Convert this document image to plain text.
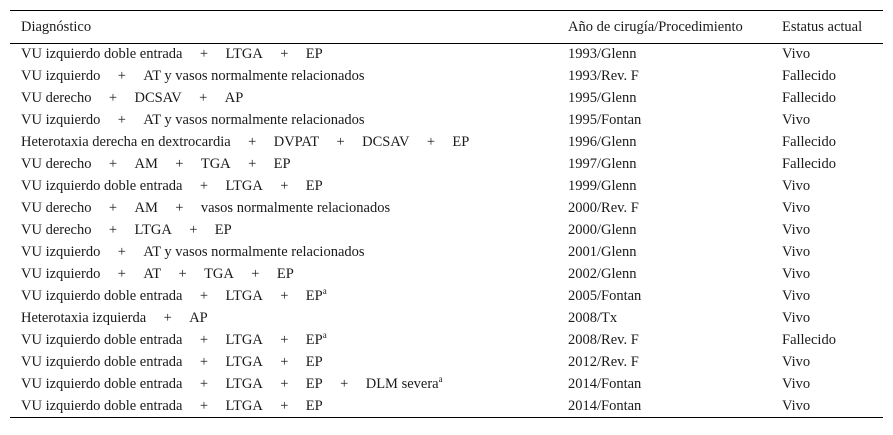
Diagnóstico	Año de cirugía/Procedimiento	Estatus actual
VU izquierdo doble entrada + LTGA + EP	1993/Glenn	Vivo
VU izquierdo + AT y vasos normalmente relacionados	1993/Rev. F	Fallecido
VU derecho + DCSAV + AP	1995/Glenn	Fallecido
VU izquierdo + AT y vasos normalmente relacionados	1995/Fontan	Vivo
Heterotaxia derecha en dextrocardia + DVPAT + DCSAV + EP	1996/Glenn	Fallecido
VU derecho + AM + TGA + EP	1997/Glenn	Fallecido
VU izquierdo doble entrada + LTGA + EP	1999/Glenn	Vivo
VU derecho + AM + vasos normalmente relacionados	2000/Rev. F	Vivo
VU derecho + LTGA + EP	2000/Glenn	Vivo
VU izquierdo + AT y vasos normalmente relacionados	2001/Glenn	Vivo
VU izquierdo + AT + TGA + EP	2002/Glenn	Vivo
VU izquierdo doble entrada + LTGA + $EP^a$	2005/Fontan	Vivo
Heterotaxia izquierda + AP	2008/Tx	Vivo
VU izquierdo doble entrada + LTGA + $EP^a$	2008/Rev. F	Fallecido
VU izquierdo doble entrada + LTGA + EP	2012/Rev. F	Vivo
VU izquierdo doble entrada + LTGA + EP + DLM severa$^a$	2014/Fontan	Vivo
VU izquierdo doble entrada + LTGA + EP	2014/Fontan	Vivo
